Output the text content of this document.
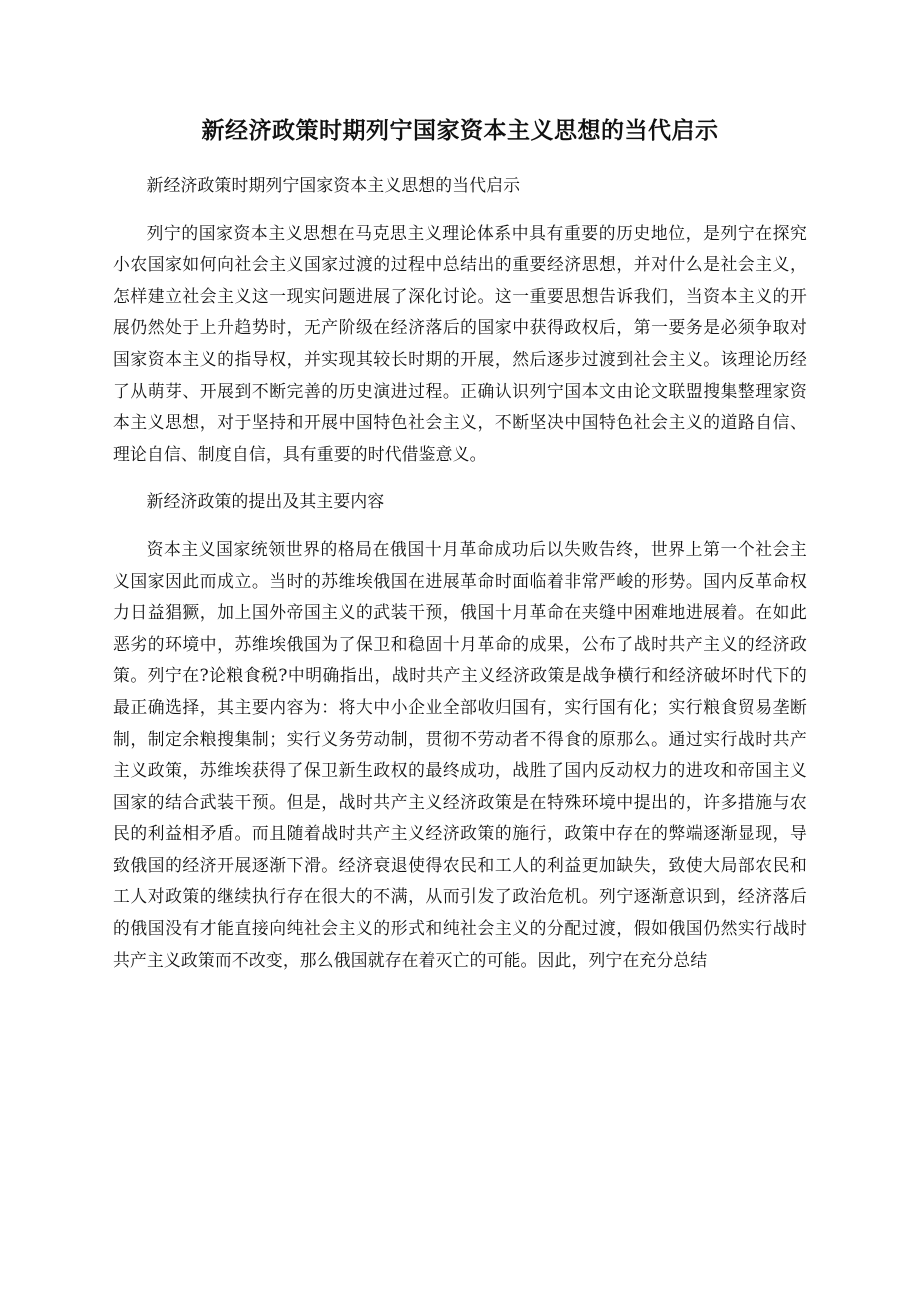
新经济政策时期列宁国家资本主义思想的当代启示

新经济政策时期列宁国家资本主义思想的当代启示

列宁的国家资本主义思想在马克思主义理论体系中具有重要的历史地位，是列宁在探究小农国家如何向社会主义国家过渡的过程中总结出的重要经济思想，并对什么是社会主义，怎样建立社会主义这一现实问题进展了深化讨论。这一重要思想告诉我们，当资本主义的开展仍然处于上升趋势时，无产阶级在经济落后的国家中获得政权后，第一要务是必须争取对国家资本主义的指导权，并实现其较长时期的开展，然后逐步过渡到社会主义。该理论历经了从萌芽、开展到不断完善的历史演进过程。正确认识列宁国本文由论文联盟搜集整理家资本主义思想，对于坚持和开展中国特色社会主义，不断坚决中国特色社会主义的道路自信、理论自信、制度自信，具有重要的时代借鉴意义。

新经济政策的提出及其主要内容

资本主义国家统领世界的格局在俄国十月革命成功后以失败告终，世界上第一个社会主义国家因此而成立。当时的苏维埃俄国在进展革命时面临着非常严峻的形势。国内反革命权力日益猖獗，加上国外帝国主义的武装干预，俄国十月革命在夹缝中困难地进展着。在如此恶劣的环境中，苏维埃俄国为了保卫和稳固十月革命的成果，公布了战时共产主义的经济政策。列宁在?论粮食税?中明确指出，战时共产主义经济政策是战争横行和经济破坏时代下的最正确选择，其主要内容为：将大中小企业全部收归国有，实行国有化；实行粮食贸易垄断制，制定余粮搜集制；实行义务劳动制，贯彻不劳动者不得食的原那么。通过实行战时共产主义政策，苏维埃获得了保卫新生政权的最终成功，战胜了国内反动权力的进攻和帝国主义国家的结合武装干预。但是，战时共产主义经济政策是在特殊环境中提出的，许多措施与农民的利益相矛盾。而且随着战时共产主义经济政策的施行，政策中存在的弊端逐渐显现，导致俄国的经济开展逐渐下滑。经济衰退使得农民和工人的利益更加缺失，致使大局部农民和工人对政策的继续执行存在很大的不满，从而引发了政治危机。列宁逐渐意识到，经济落后的俄国没有才能直接向纯社会主义的形式和纯社会主义的分配过渡，假如俄国仍然实行战时共产主义政策而不改变，那么俄国就存在着灭亡的可能。因此，列宁在充分总结
